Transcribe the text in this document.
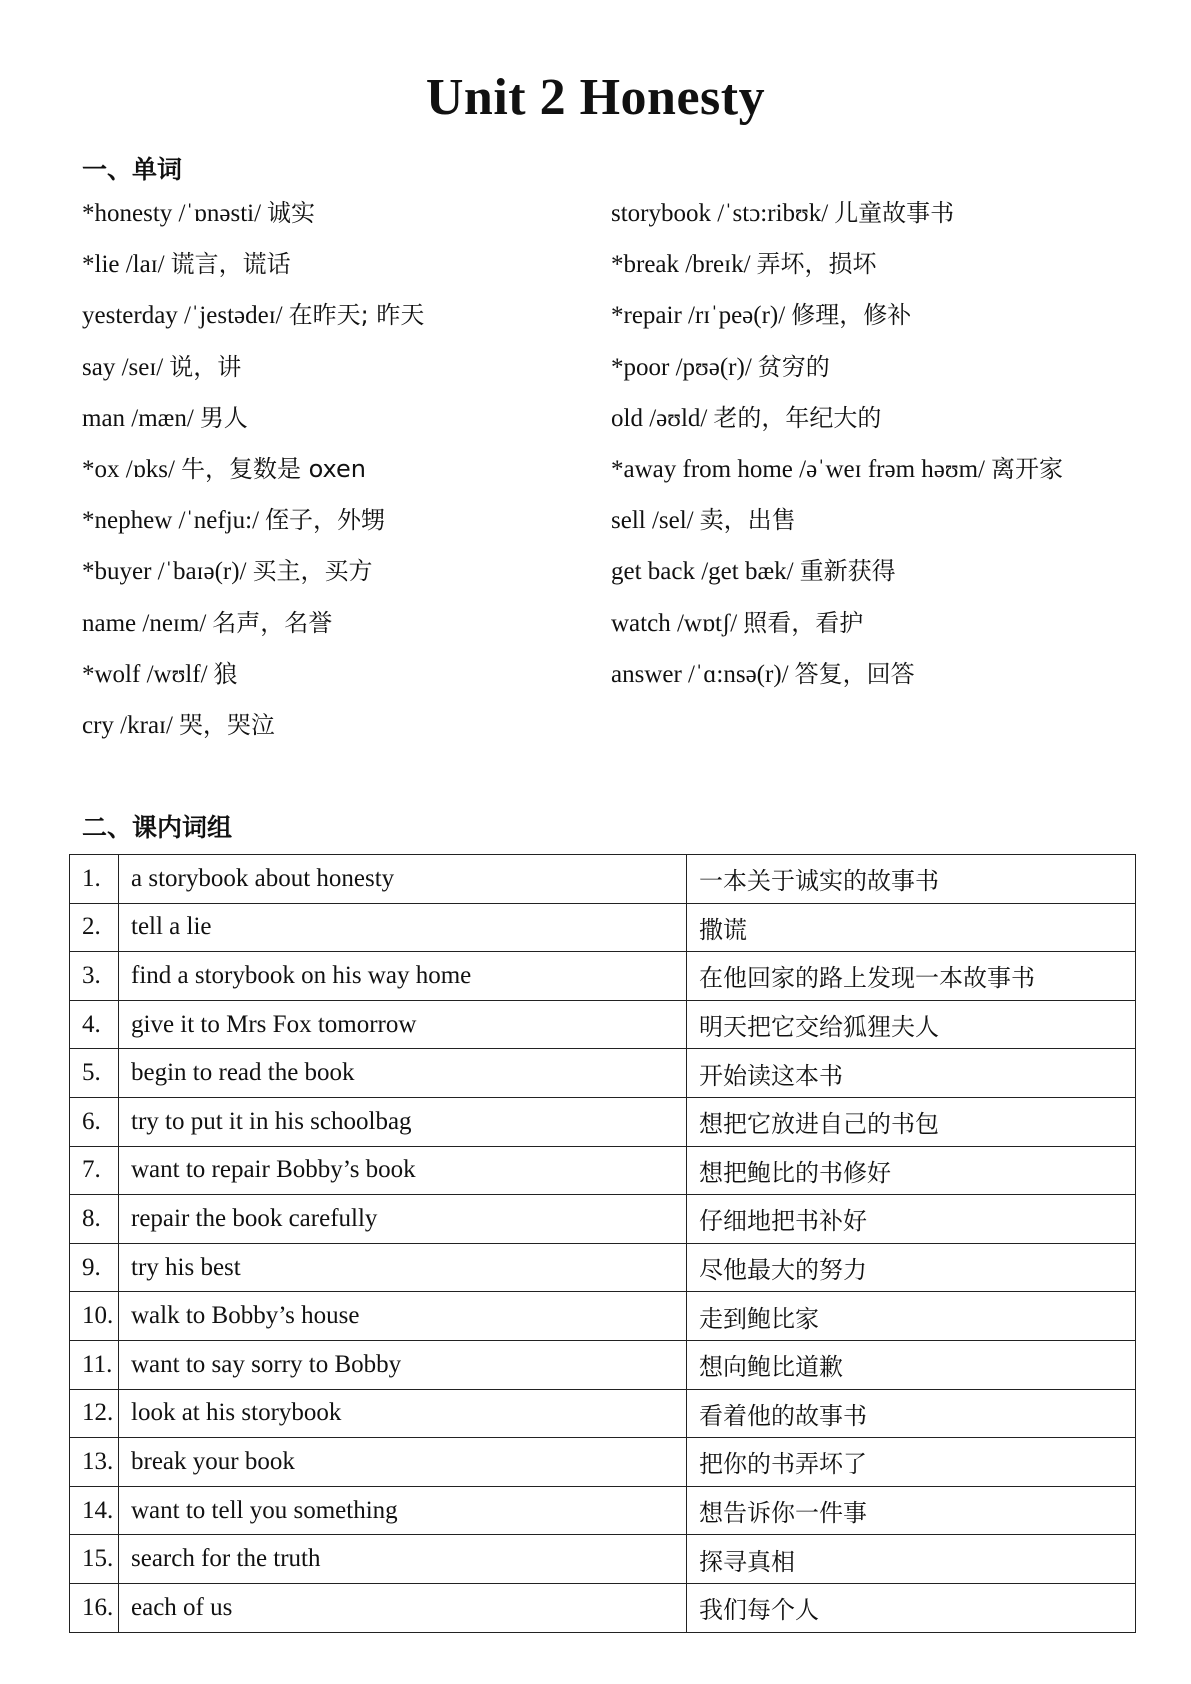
Unit 2 Honesty
一、单词
*honesty /ˈɒnəsti/ 诚实
*lie /laɪ/ 谎言，谎话
yesterday /ˈjestədeɪ/ 在昨天; 昨天
say /seɪ/ 说，讲
man /mæn/ 男人
*ox /ɒks/ 牛，复数是 oxen
*nephew /ˈnefju:/ 侄子，外甥
*buyer /ˈbaɪə(r)/ 买主，买方
name /neɪm/ 名声，名誉
*wolf /wʊlf/ 狼
cry /kraɪ/ 哭，哭泣
storybook /ˈstɔ:ribʊk/ 儿童故事书
*break /breɪk/ 弄坏，损坏
*repair /rɪˈpeə(r)/ 修理，修补
*poor /pʊə(r)/ 贫穷的
old /əʊld/ 老的，年纪大的
*away from home /əˈweɪ frəm həʊm/ 离开家
sell /sel/ 卖，出售
get back /get bæk/ 重新获得
watch /wɒtʃ/ 照看，看护
answer /ˈɑ:nsə(r)/ 答复，回答
二、课内词组
1.	a storybook about honesty	一本关于诚实的故事书
2.	tell a lie	撒谎
3.	find a storybook on his way home	在他回家的路上发现一本故事书
4.	give it to Mrs Fox tomorrow	明天把它交给狐狸夫人
5.	begin to read the book	开始读这本书
6.	try to put it in his schoolbag	想把它放进自己的书包
7.	want to repair Bobby’s book	想把鲍比的书修好
8.	repair the book carefully	仔细地把书补好
9.	try his best	尽他最大的努力
10.	walk to Bobby’s house	走到鲍比家
11.	want to say sorry to Bobby	想向鲍比道歉
12.	look at his storybook	看着他的故事书
13.	break your book	把你的书弄坏了
14.	want to tell you something	想告诉你一件事
15.	search for the truth	探寻真相
16.	each of us	我们每个人
